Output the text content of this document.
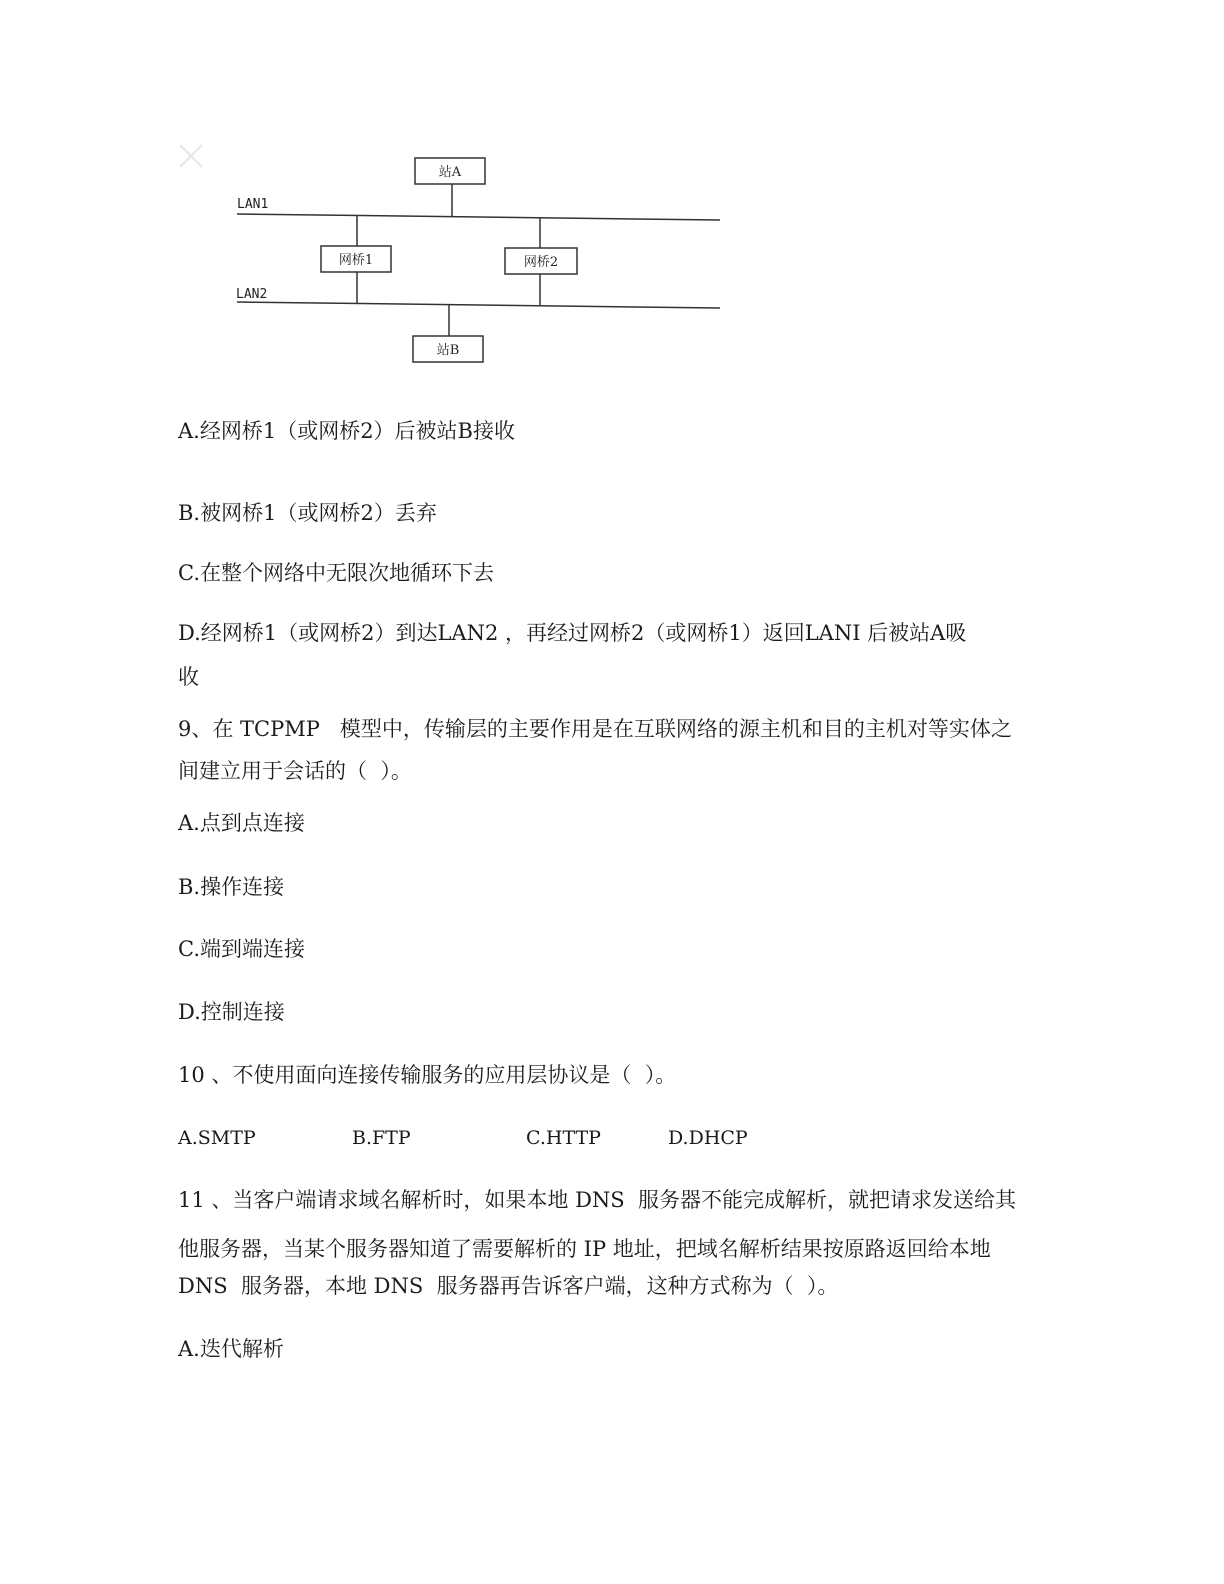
LAN1
LAN2
站A
网桥1	网桥2
站B
A.经网桥1（或网桥2）后被站B接收
B.被网桥1（或网桥2）丢弃
C.在整个网络中无限次地循环下去
D.经网桥1（或网桥2）到达LAN2 ，再经过网桥2（或网桥1）返回LANI 后被站A吸
收
9、在 TCPMP   模型中，传输层的主要作用是在互联网络的源主机和目的主机对等实体之
间建立用于会话的（  ）。
A.点到点连接
B.操作连接
C.端到端连接
D.控制连接
10 、不使用面向连接传输服务的应用层协议是（  ）。
A.SMTP	B.FTP	C.HTTP	D.DHCP
11 、当客户端请求域名解析时，如果本地 DNS  服务器不能完成解析，就把请求发送给其
他服务器，当某个服务器知道了需要解析的 IP 地址，把域名解析结果按原路返回给本地
DNS  服务器，本地 DNS  服务器再告诉客户端，这种方式称为（  ）。
A.迭代解析
